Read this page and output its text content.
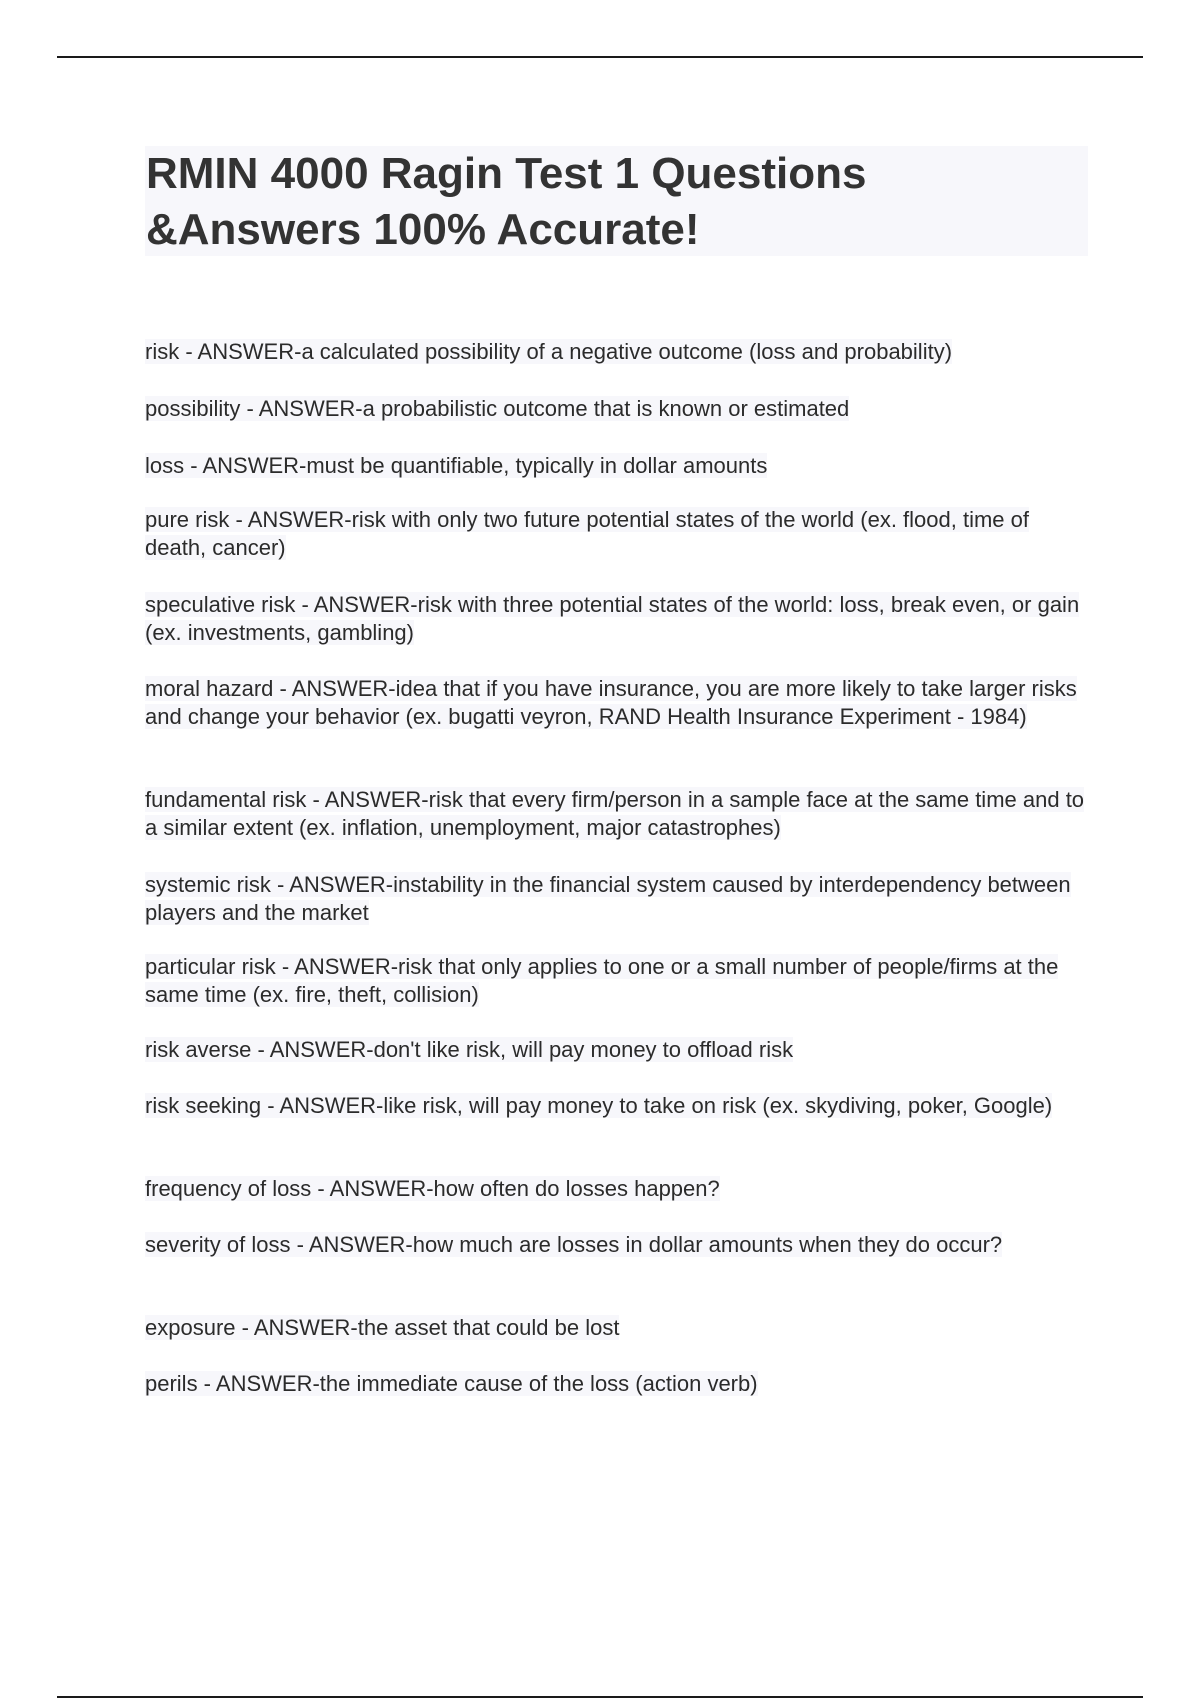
RMIN 4000 Ragin Test 1 Questions &Answers 100% Accurate!
risk - ANSWER-a calculated possibility of a negative outcome (loss and probability)
possibility - ANSWER-a probabilistic outcome that is known or estimated
loss - ANSWER-must be quantifiable, typically in dollar amounts
pure risk - ANSWER-risk with only two future potential states of the world (ex. flood, time of death, cancer)
speculative risk - ANSWER-risk with three potential states of the world: loss, break even, or gain (ex. investments, gambling)
moral hazard - ANSWER-idea that if you have insurance, you are more likely to take larger risks and change your behavior (ex. bugatti veyron, RAND Health Insurance Experiment - 1984)
fundamental risk - ANSWER-risk that every firm/person in a sample face at the same time and to a similar extent (ex. inflation, unemployment, major catastrophes)
systemic risk - ANSWER-instability in the financial system caused by interdependency between players and the market
particular risk - ANSWER-risk that only applies to one or a small number of people/firms at the same time (ex. fire, theft, collision)
risk averse - ANSWER-don't like risk, will pay money to offload risk
risk seeking - ANSWER-like risk, will pay money to take on risk (ex. skydiving, poker, Google)
frequency of loss - ANSWER-how often do losses happen?
severity of loss - ANSWER-how much are losses in dollar amounts when they do occur?
exposure - ANSWER-the asset that could be lost
perils - ANSWER-the immediate cause of the loss (action verb)
